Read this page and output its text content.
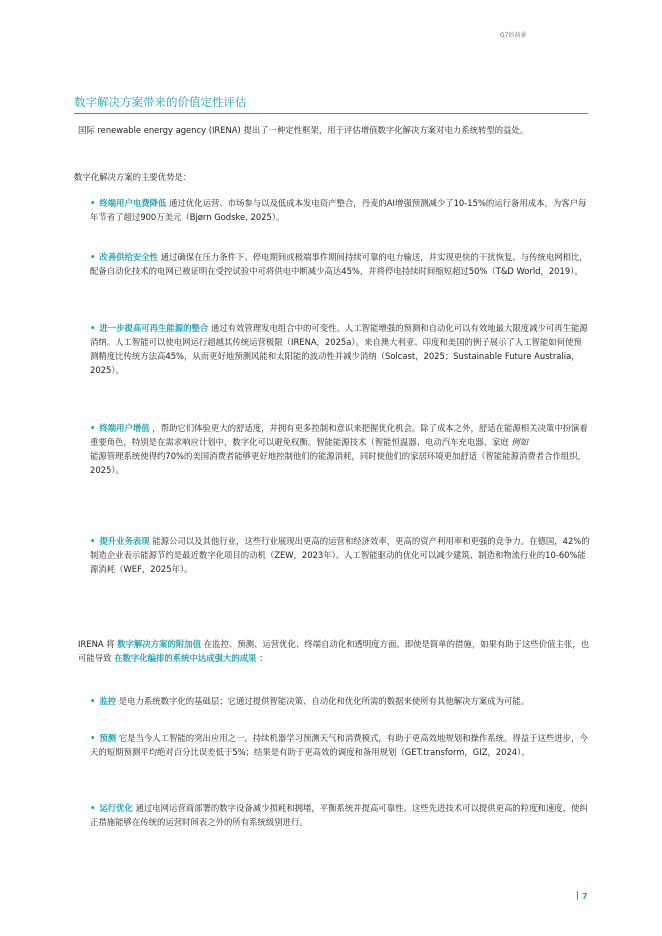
G7的前景
数字解决方案带来的价值定性评估
国际 renewable energy agency (IRENA) 提出了一种定性框架，用于评估增值数字化解决方案对电力系统转型的益处。
数字化解决方案的主要优势是：
• 终端用户电费降低 通过优化运营、市场参与以及低成本发电资产整合，丹麦的AI增强预测减少了10-15%的运行备用成本，为客户每年节省了超过900万美元（Bjørn Godske, 2025）。
• 改善供给安全性 通过确保在压力条件下、停电期间或极端事件期间持续可靠的电力输送，并实现更快的干扰恢复。与传统电网相比，配备自动化技术的电网已被证明在受控试验中可将供电中断减少高达45%，并将停电持续时间缩短超过50%（T&D World，2019）。
• 进一步提高可再生能源的整合 通过有效管理发电组合中的可变性。人工智能增强的预测和自动化可以有效地最大限度减少可再生能源消纳。人工智能可以使电网运行超越其传统运营极限（IRENA，2025a）。来自澳大利亚、印度和美国的例子展示了人工智能如何使预测精度比传统方法高45%，从而更好地预测风能和太阳能的波动性并减少消纳（Solcast，2025；Sustainable Future Australia，2025）。
• 终端用户增值 ，帮助它们体验更大的舒适度，并拥有更多控制和意识来把握优化机会。除了成本之外，舒适在能源相关决策中扮演着重要角色，特别是在需求响应计划中，数字化可以避免权衡。智能能源技术（智能恒温器、电动汽车充电器、家庭 例如
能源管理系统使得约70%的美国消费者能够更好地控制他们的能源消耗，同时使他们的家居环境更加舒适（智能能源消费者合作组织，2025）。
• 提升业务表现 能源公司以及其他行业，这些行业展现出更高的运营和经济效率，更高的资产利用率和更强的竞争力。在德国，42%的制造企业表示能源节约是最近数字化项目的动机（ZEW，2023年）。人工智能驱动的优化可以减少建筑、制造和物流行业的10-60%能源消耗（WEF，2025年）。
IRENA 将 数字解决方案的附加值 在监控、预测、运营优化、终端自动化和透明度方面。即使是简单的措施，如果有助于这些价值主张，也可能导致 在数字化编排的系统中达成强大的成果 ：
• 监控 是电力系统数字化的基础层；它通过提供智能决策、自动化和优化所需的数据来使所有其他解决方案成为可能。
• 预测 它是当今人工智能的突出应用之一。持续机器学习预测天气和消费模式，有助于更高效地规划和操作系统。得益于这些进步，今天的短期预测平均绝对百分比误差低于5%；结果是有助于更高效的调度和备用规划（GET.transform，GIZ，2024）。
• 运行优化 通过电网运营商部署的数字设备减少损耗和拥堵，平衡系统并提高可靠性。这些先进技术可以提供更高的粒度和速度，使纠正措施能够在传统的运营时间表之外的所有系统级别进行。
7
